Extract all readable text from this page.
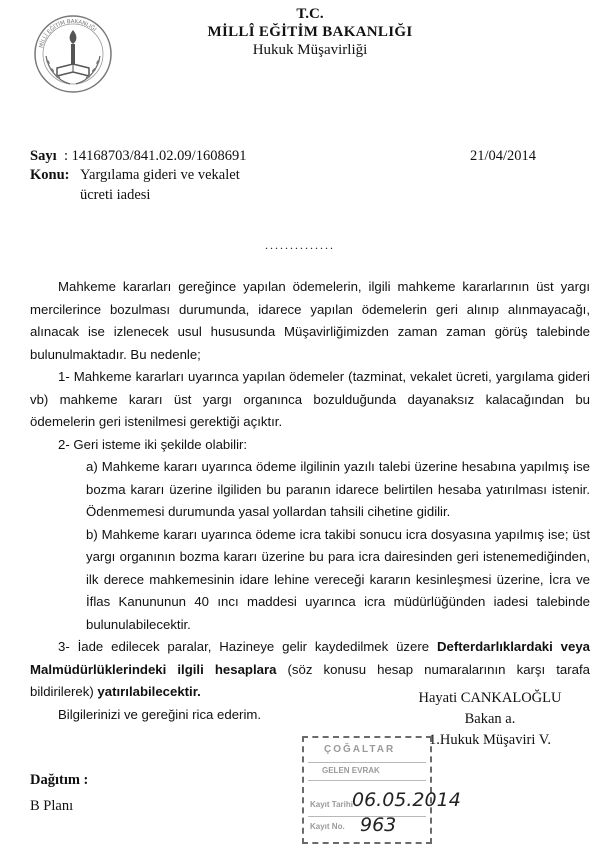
MİLLÎ EĞİTİM BAKANLIĞI
T.C.
MİLLÎ EĞİTİM BAKANLIĞI
Hukuk Müşavirliği
Sayı : 14168703/841.02.09/1608691	21/04/2014
Konu: Yargılama gideri ve vekalet
ücreti iadesi
..............

Mahkeme kararları gereğince yapılan ödemelerin, ilgili mahkeme kararlarının üst yargı mercilerince bozulması durumunda, idarece yapılan ödemelerin geri alınıp alınmayacağı, alınacak ise izlenecek usul hususunda Müşavirliğimizden zaman zaman görüş talebinde bulunulmaktadır. Bu nedenle;

1- Mahkeme kararları uyarınca yapılan ödemeler (tazminat, vekalet ücreti, yargılama gideri vb) mahkeme kararı üst yargı organınca bozulduğunda dayanaksız kalacağından bu ödemelerin geri istenilmesi gerektiği açıktır.

2- Geri isteme iki şekilde olabilir:

a) Mahkeme kararı uyarınca ödeme ilgilinin yazılı talebi üzerine hesabına yapılmış ise bozma kararı üzerine ilgiliden bu paranın idarece belirtilen hesaba yatırılması istenir. Ödenmemesi durumunda yasal yollardan tahsili cihetine gidilir.

b) Mahkeme kararı uyarınca ödeme icra takibi sonucu icra dosyasına yapılmış ise; üst yargı organının bozma kararı üzerine bu para icra dairesinden geri istenemediğinden, ilk derece mahkemesinin idare lehine vereceği kararın kesinleşmesi üzerine, İcra ve İflas Kanununun 40 ıncı maddesi uyarınca icra müdürlüğünden iadesi talebinde bulunulabilecektir.

3- İade edilecek paralar, Hazineye gelir kaydedilmek üzere Defterdarlıklardaki veya Malmüdürlüklerindeki ilgili hesaplara (söz konusu hesap numaralarının karşı tarafa bildirilerek) yatırılabilecektir.

Bilgilerinizi ve gereğini rica ederim.

Hayati CANKALOĞLU
Bakan a.
1.Hukuk Müşaviri V.
Dağıtım :
B Planı
ÇOĞALTAR
GELEN EVRAK
Kayıt Tarihi
Kayıt No.
06.05.2014
963
